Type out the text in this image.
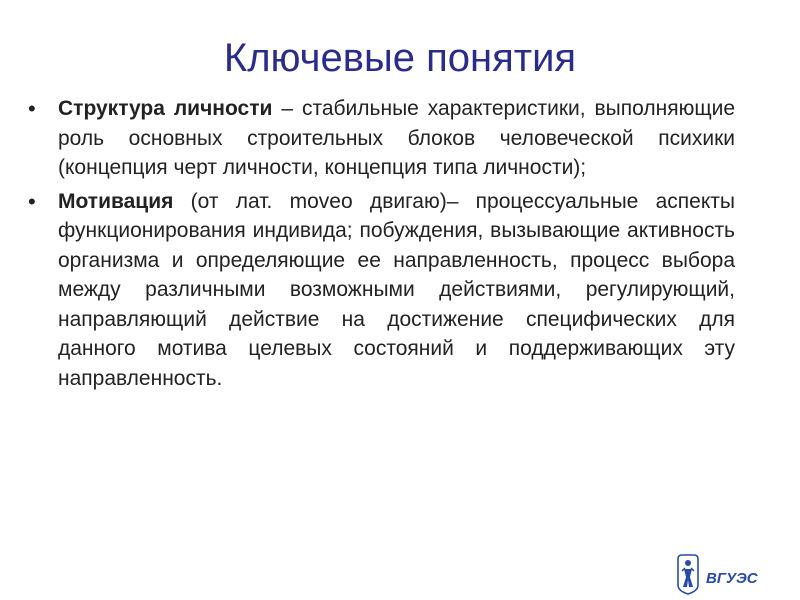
Ключевые понятия
• Структура личности – стабильные характеристики, выполняющие роль основных строительных блоков человеческой психики (концепция черт личности, концепция типа личности);
• Мотивация (от лат. moveo двигаю)– процессуальные аспекты функционирования индивида; побуждения, вызывающие активность организма и определяющие ее направленность, процесс выбора между различными возможными действиями, регулирующий, направляющий действие на достижение специфических для данного мотива целевых состояний и поддерживающих эту направленность.
ВГУЭС
